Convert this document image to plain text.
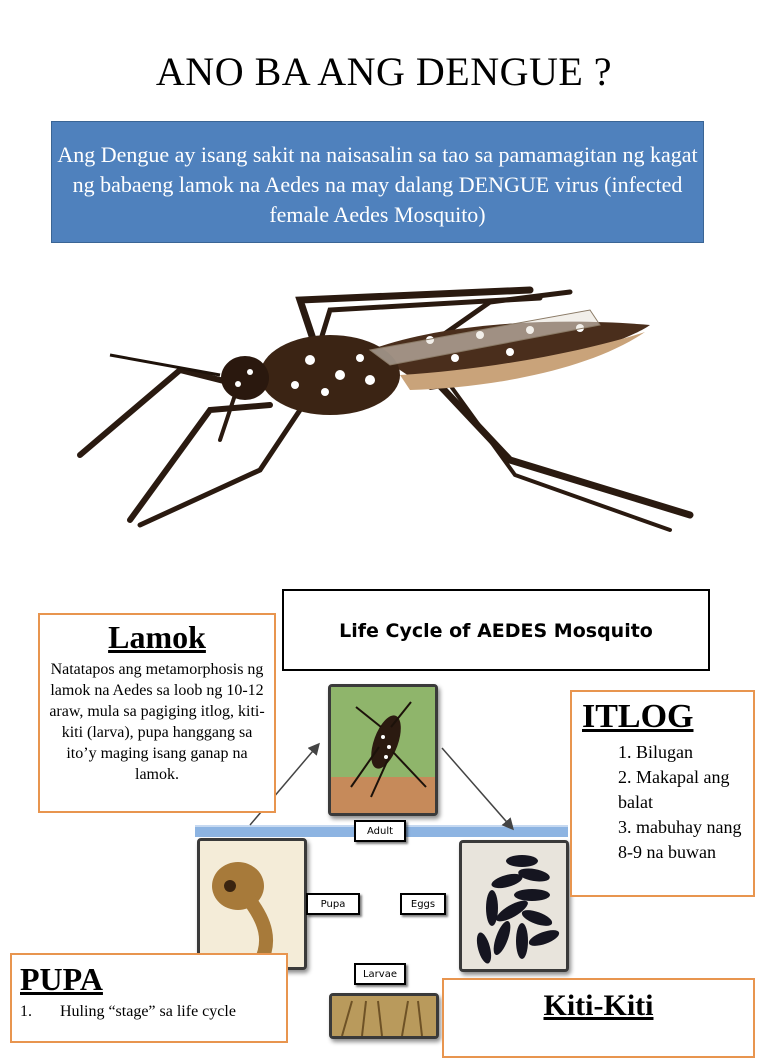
ANO BA ANG DENGUE ?
Ang Dengue ay isang sakit na naisasalin sa tao sa pamamagitan ng kagat ng babaeng lamok na Aedes na may dalang DENGUE virus (infected female Aedes Mosquito)
Life Cycle of AEDES Mosquito
Adult
Pupa	Eggs
Larvae
Lamok
Natatapos ang metamorphosis ng lamok na Aedes sa loob ng 10-12 araw, mula sa pagiging itlog, kiti-kiti (larva), pupa hanggang sa ito’y maging isang ganap na lamok.
ITLOG
1. Bilugan
2. Makapal ang balat
3. mabuhay nang 8-9 na buwan
PUPA
1. Huling “stage” sa life cycle	Kiti-Kiti
